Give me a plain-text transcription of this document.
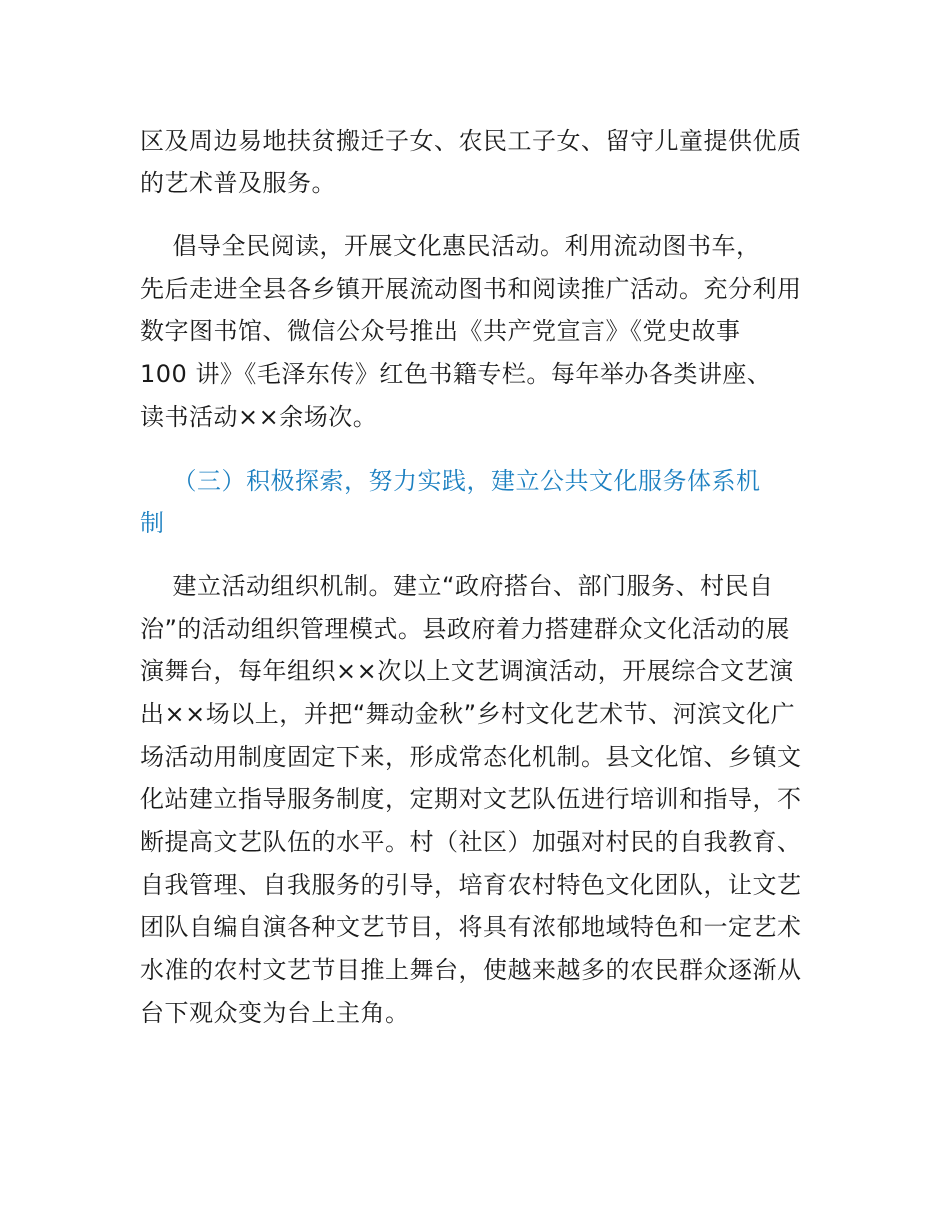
区及周边易地扶贫搬迁子女、农民工子女、留守儿童提供优质
的艺术普及服务。
倡导全民阅读，开展文化惠民活动。利用流动图书车，
先后走进全县各乡镇开展流动图书和阅读推广活动。充分利用
数字图书馆、微信公众号推出《共产党宣言》《党史故事
100 讲》《毛泽东传》红色书籍专栏。每年举办各类讲座、
读书活动××余场次。
（三）积极探索，努力实践，建立公共文化服务体系机
制
建立活动组织机制。建立“政府搭台、部门服务、村民自
治”的活动组织管理模式。县政府着力搭建群众文化活动的展
演舞台，每年组织××次以上文艺调演活动，开展综合文艺演
出××场以上，并把“舞动金秋”乡村文化艺术节、河滨文化广
场活动用制度固定下来，形成常态化机制。县文化馆、乡镇文
化站建立指导服务制度，定期对文艺队伍进行培训和指导，不
断提高文艺队伍的水平。村（社区）加强对村民的自我教育、
自我管理、自我服务的引导，培育农村特色文化团队，让文艺
团队自编自演各种文艺节目，将具有浓郁地域特色和一定艺术
水准的农村文艺节目推上舞台，使越来越多的农民群众逐渐从
台下观众变为台上主角。
